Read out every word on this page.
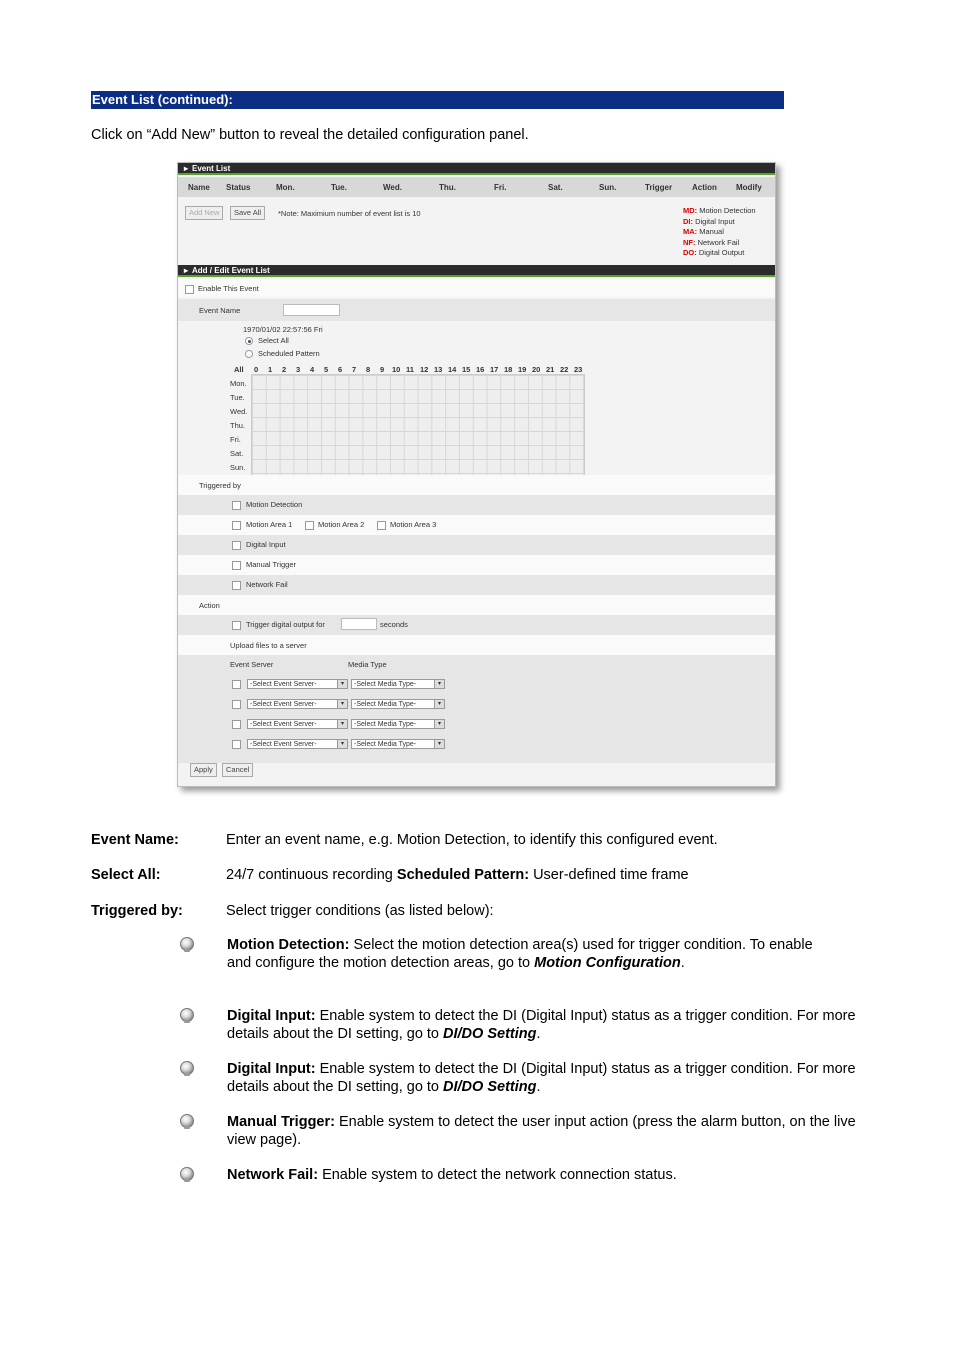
Event List (continued):
Click on “Add New” button to reveal the detailed configuration panel.
▸ Event List
Name Status	Mon.	Tue.	Wed.	Thu.	Fri.	Sat.	Sun.	Trigger Action Modify
Add New	Save All	*Note: Maximium number of event list is 10	MD: Motion Detection
DI: Digital Input
MA: Manual
NF: Network Fail
DO: Digital Output
▸ Add / Edit Event List
Enable This Event
Event Name
1970/01/02 22:57:56 Fri
Select All
Scheduled Pattern
All 0 1 2 3 4 5 6 7 8 9 10 11 12 13 14 15 16 17 18 19 20 21 22 23
Mon.
Tue.
Wed.
Thu.
Fri.
Sat.
Sun.
Triggered by
Motion Detection
Motion Area 1	Motion Area 2	Motion Area 3
Digital Input
Manual Trigger
Network Fail
Action
Trigger digital output for	seconds
Upload files to a server
Event Server	Media Type
-Select Event Server-	▾	-Select Media Type-	▾
-Select Event Server-	▾	-Select Media Type-	▾
-Select Event Server-	▾	-Select Media Type-	▾
-Select Event Server-	▾	-Select Media Type-	▾
Apply	Cancel
Event Name:	Enter an event name, e.g. Motion Detection, to identify this configured event.
Select All:	24/7 continuous recording Scheduled Pattern: User-defined time frame
Triggered by:	Select trigger conditions (as listed below):
Motion Detection: Select the motion detection area(s) used for trigger condition. To enable and configure the motion detection areas, go to Motion Configuration.
Digital Input: Enable system to detect the DI (Digital Input) status as a trigger condition. For more details about the DI setting, go to DI/DO Setting.
Digital Input: Enable system to detect the DI (Digital Input) status as a trigger condition. For more details about the DI setting, go to DI/DO Setting.
Manual Trigger: Enable system to detect the user input action (press the alarm button, on the live view page).
Network Fail: Enable system to detect the network connection status.
